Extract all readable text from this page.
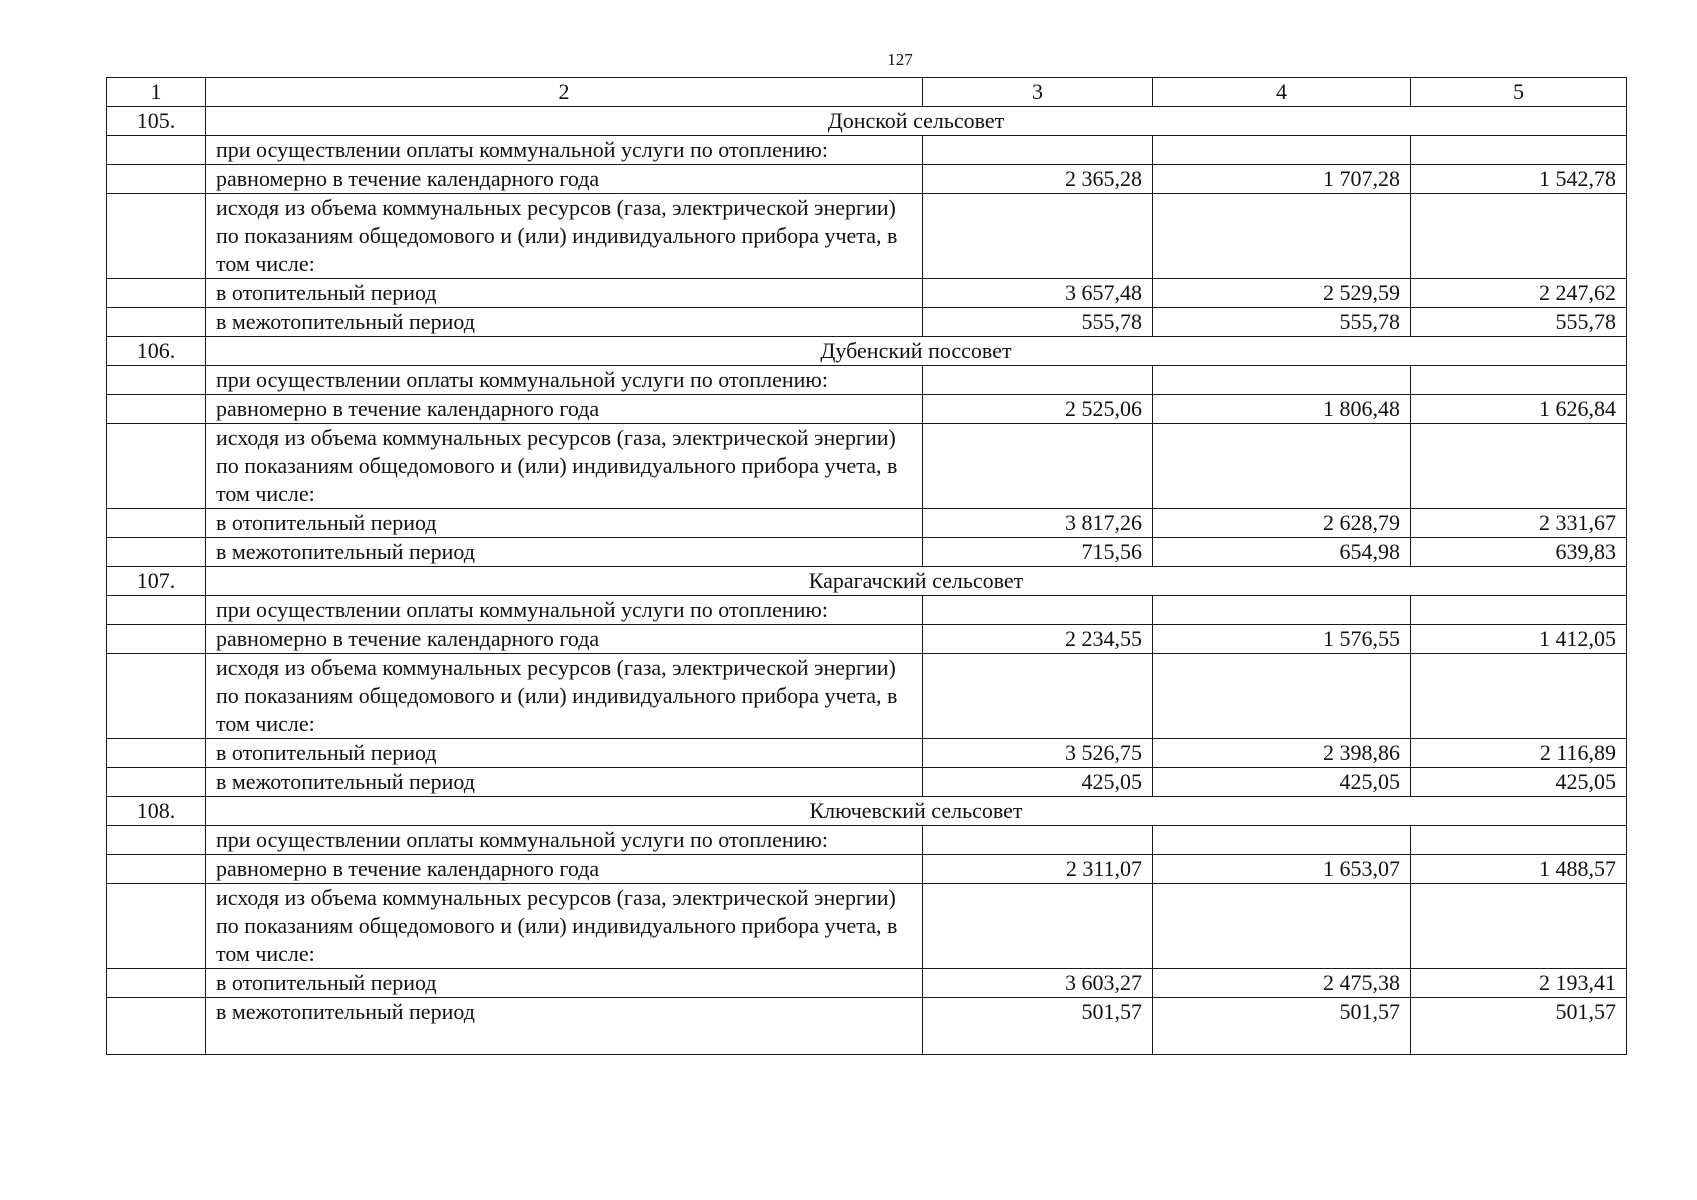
127
1	2	3	4	5
105.	Донской сельсовет			
	при осуществлении оплаты коммунальной услуги по отоплению:			
	равномерно в течение календарного года	2 365,28	1 707,28	1 542,78
	исходя из объема коммунальных ресурсов (газа, электрической энергии) по показаниям общедомового и (или) индивидуального прибора учета, в том числе:			
	в отопительный период	3 657,48	2 529,59	2 247,62
	в межотопительный период	555,78	555,78	555,78
106.	Дубенский поссовет			
	при осуществлении оплаты коммунальной услуги по отоплению:			
	равномерно в течение календарного года	2 525,06	1 806,48	1 626,84
	исходя из объема коммунальных ресурсов (газа, электрической энергии) по показаниям общедомового и (или) индивидуального прибора учета, в том числе:			
	в отопительный период	3 817,26	2 628,79	2 331,67
	в межотопительный период	715,56	654,98	639,83
107.	Карагачский сельсовет			
	при осуществлении оплаты коммунальной услуги по отоплению:			
	равномерно в течение календарного года	2 234,55	1 576,55	1 412,05
	исходя из объема коммунальных ресурсов (газа, электрической энергии) по показаниям общедомового и (или) индивидуального прибора учета, в том числе:			
	в отопительный период	3 526,75	2 398,86	2 116,89
	в межотопительный период	425,05	425,05	425,05
108.	Ключевский сельсовет			
	при осуществлении оплаты коммунальной услуги по отоплению:			
	равномерно в течение календарного года	2 311,07	1 653,07	1 488,57
	исходя из объема коммунальных ресурсов (газа, электрической энергии) по показаниям общедомового и (или) индивидуального прибора учета, в том числе:			
	в отопительный период	3 603,27	2 475,38	2 193,41
	в межотопительный период	501,57	501,57	501,57
